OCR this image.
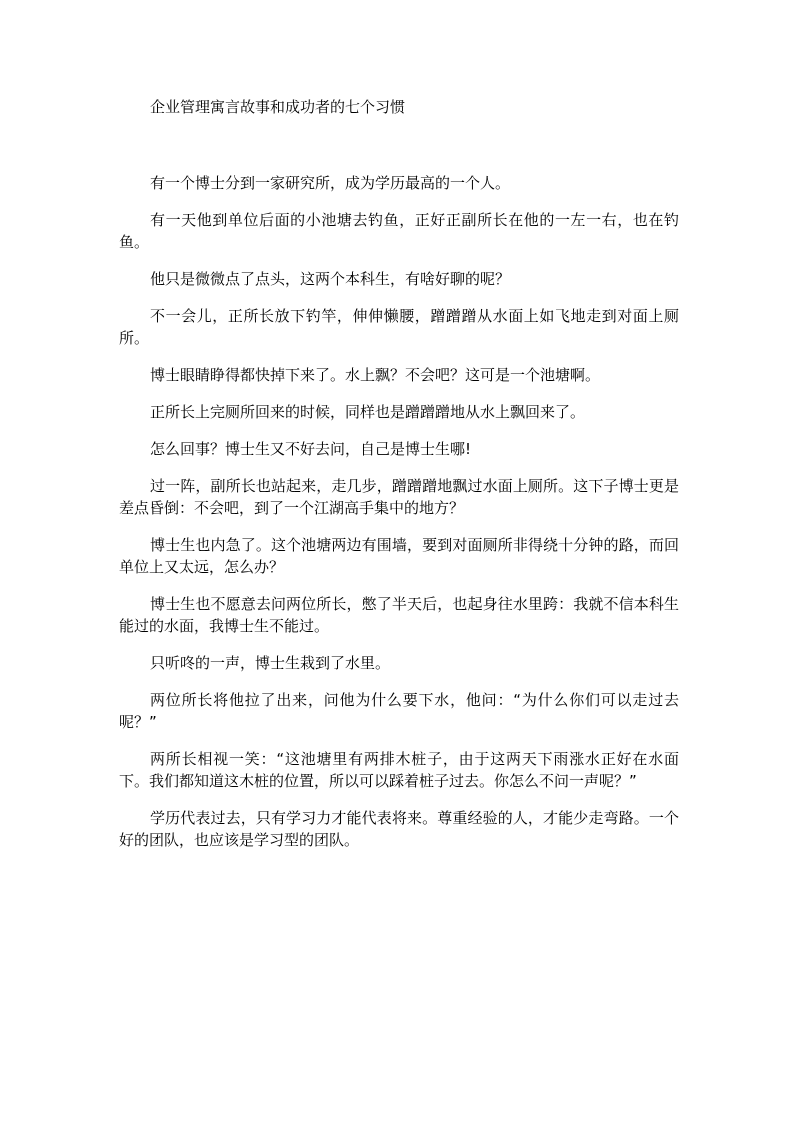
企业管理寓言故事和成功者的七个习惯

有一个博士分到一家研究所，成为学历最高的一个人。

有一天他到单位后面的小池塘去钓鱼，正好正副所长在他的一左一右，也在钓鱼。

他只是微微点了点头，这两个本科生，有啥好聊的呢？

不一会儿，正所长放下钓竿，伸伸懒腰，蹭蹭蹭从水面上如飞地走到对面上厕所。

博士眼睛睁得都快掉下来了。水上飘？不会吧？这可是一个池塘啊。

正所长上完厕所回来的时候，同样也是蹭蹭蹭地从水上飘回来了。

怎么回事？博士生又不好去问，自己是博士生哪!

过一阵，副所长也站起来，走几步，蹭蹭蹭地飘过水面上厕所。这下子博士更是差点昏倒：不会吧，到了一个江湖高手集中的地方？

博士生也内急了。这个池塘两边有围墙，要到对面厕所非得绕十分钟的路，而回单位上又太远，怎么办？

博士生也不愿意去问两位所长，憋了半天后，也起身往水里跨：我就不信本科生能过的水面，我博士生不能过。

只听咚的一声，博士生栽到了水里。

两位所长将他拉了出来，问他为什么要下水，他问：“为什么你们可以走过去呢？”

两所长相视一笑：“这池塘里有两排木桩子，由于这两天下雨涨水正好在水面下。我们都知道这木桩的位置，所以可以踩着桩子过去。你怎么不问一声呢？”

学历代表过去，只有学习力才能代表将来。尊重经验的人，才能少走弯路。一个好的团队，也应该是学习型的团队。
